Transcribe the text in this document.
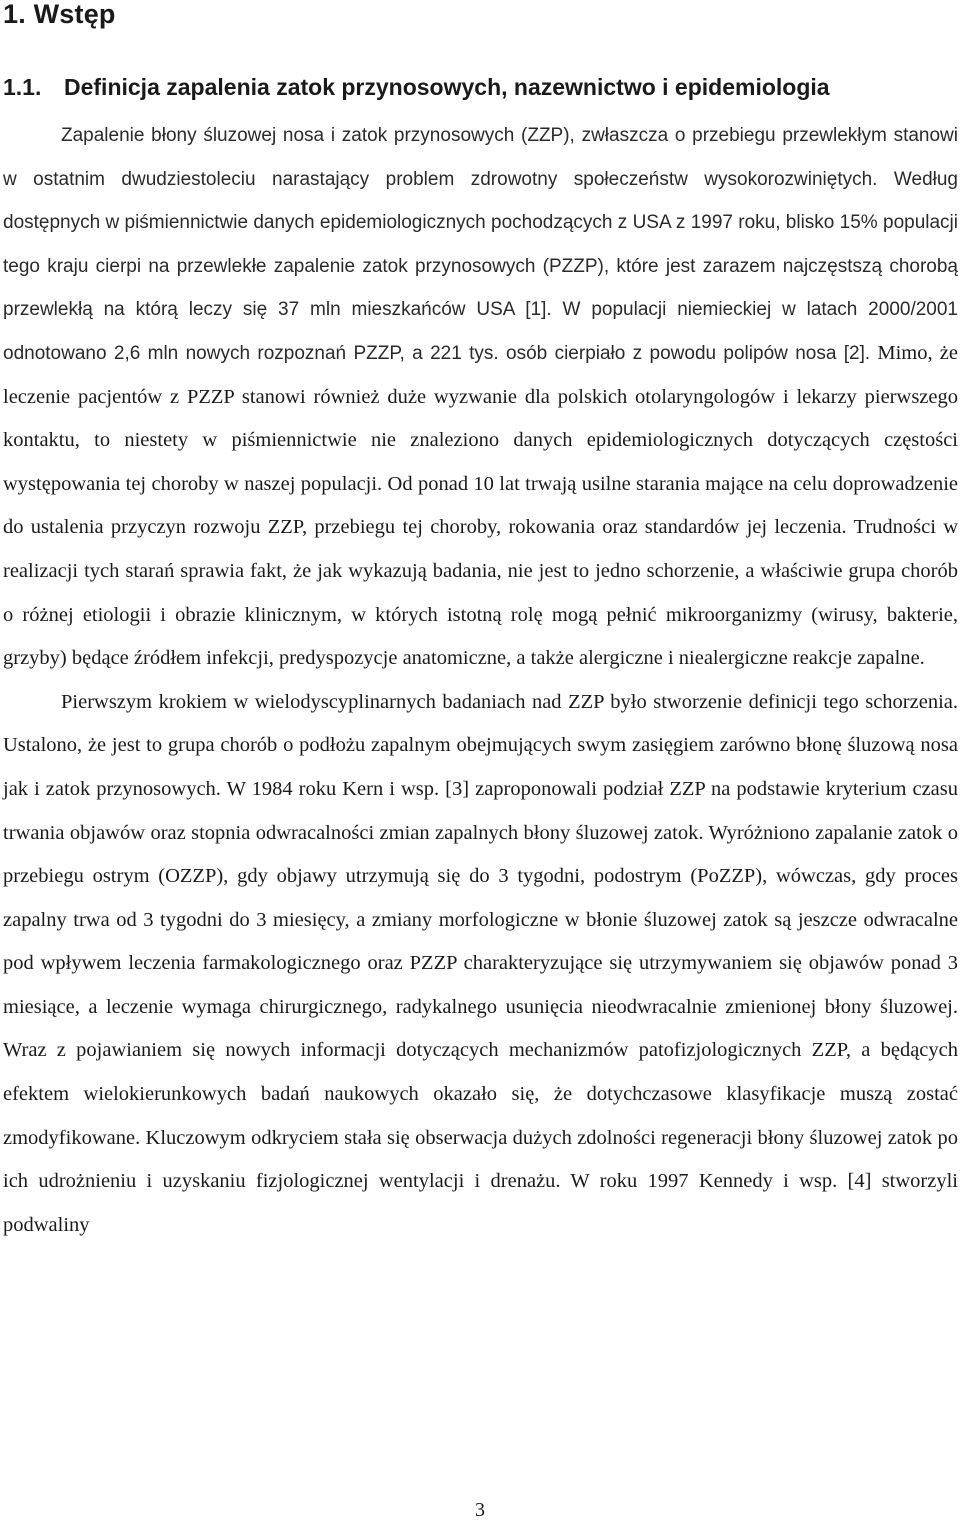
1. Wstęp
1.1. Definicja zapalenia zatok przynosowych, nazewnictwo i epidemiologia

Zapalenie błony śluzowej nosa i zatok przynosowych (ZZP), zwłaszcza o przebiegu przewlekłym stanowi w ostatnim dwudziestoleciu narastający problem zdrowotny społeczeństw wysokorozwiniętych. Według dostępnych w piśmiennictwie danych epidemiologicznych pochodzących z USA z 1997 roku, blisko 15% populacji tego kraju cierpi na przewlekłe zapalenie zatok przynosowych (PZZP), które jest zarazem najczęstszą chorobą przewlekłą na którą leczy się 37 mln mieszkańców USA [1]. W populacji niemieckiej w latach 2000/2001 odnotowano 2,6 mln nowych rozpoznań PZZP, a 221 tys. osób cierpiało z powodu polipów nosa [2]. Mimo, że leczenie pacjentów z PZZP stanowi również duże wyzwanie dla polskich otolaryngologów i lekarzy pierwszego kontaktu, to niestety w piśmiennictwie nie znaleziono danych epidemiologicznych dotyczących częstości występowania tej choroby w naszej populacji. Od ponad 10 lat trwają usilne starania mające na celu doprowadzenie do ustalenia przyczyn rozwoju ZZP, przebiegu tej choroby, rokowania oraz standardów jej leczenia. Trudności w realizacji tych starań sprawia fakt, że jak wykazują badania, nie jest to jedno schorzenie, a właściwie grupa chorób o różnej etiologii i obrazie klinicznym, w których istotną rolę mogą pełnić mikroorganizmy (wirusy, bakterie, grzyby) będące źródłem infekcji, predyspozycje anatomiczne, a także alergiczne i niealergiczne reakcje zapalne.

Pierwszym krokiem w wielodyscyplinarnych badaniach nad ZZP było stworzenie definicji tego schorzenia. Ustalono, że jest to grupa chorób o podłożu zapalnym obejmujących swym zasięgiem zarówno błonę śluzową nosa jak i zatok przynosowych. W 1984 roku Kern i wsp. [3] zaproponowali podział ZZP na podstawie kryterium czasu trwania objawów oraz stopnia odwracalności zmian zapalnych błony śluzowej zatok. Wyróżniono zapalanie zatok o przebiegu ostrym (OZZP), gdy objawy utrzymują się do 3 tygodni, podostrym (PoZZP), wówczas, gdy proces zapalny trwa od 3 tygodni do 3 miesięcy, a zmiany morfologiczne w błonie śluzowej zatok są jeszcze odwracalne pod wpływem leczenia farmakologicznego oraz PZZP charakteryzujące się utrzymywaniem się objawów ponad 3 miesiące, a leczenie wymaga chirurgicznego, radykalnego usunięcia nieodwracalnie zmienionej błony śluzowej. Wraz z pojawianiem się nowych informacji dotyczących mechanizmów patofizjologicznych ZZP, a będących efektem wielokierunkowych badań naukowych okazało się, że dotychczasowe klasyfikacje muszą zostać zmodyfikowane. Kluczowym odkryciem stała się obserwacja dużych zdolności regeneracji błony śluzowej zatok po ich udrożnieniu i uzyskaniu fizjologicznej wentylacji i drenażu. W roku 1997 Kennedy i wsp. [4] stworzyli podwaliny

3
